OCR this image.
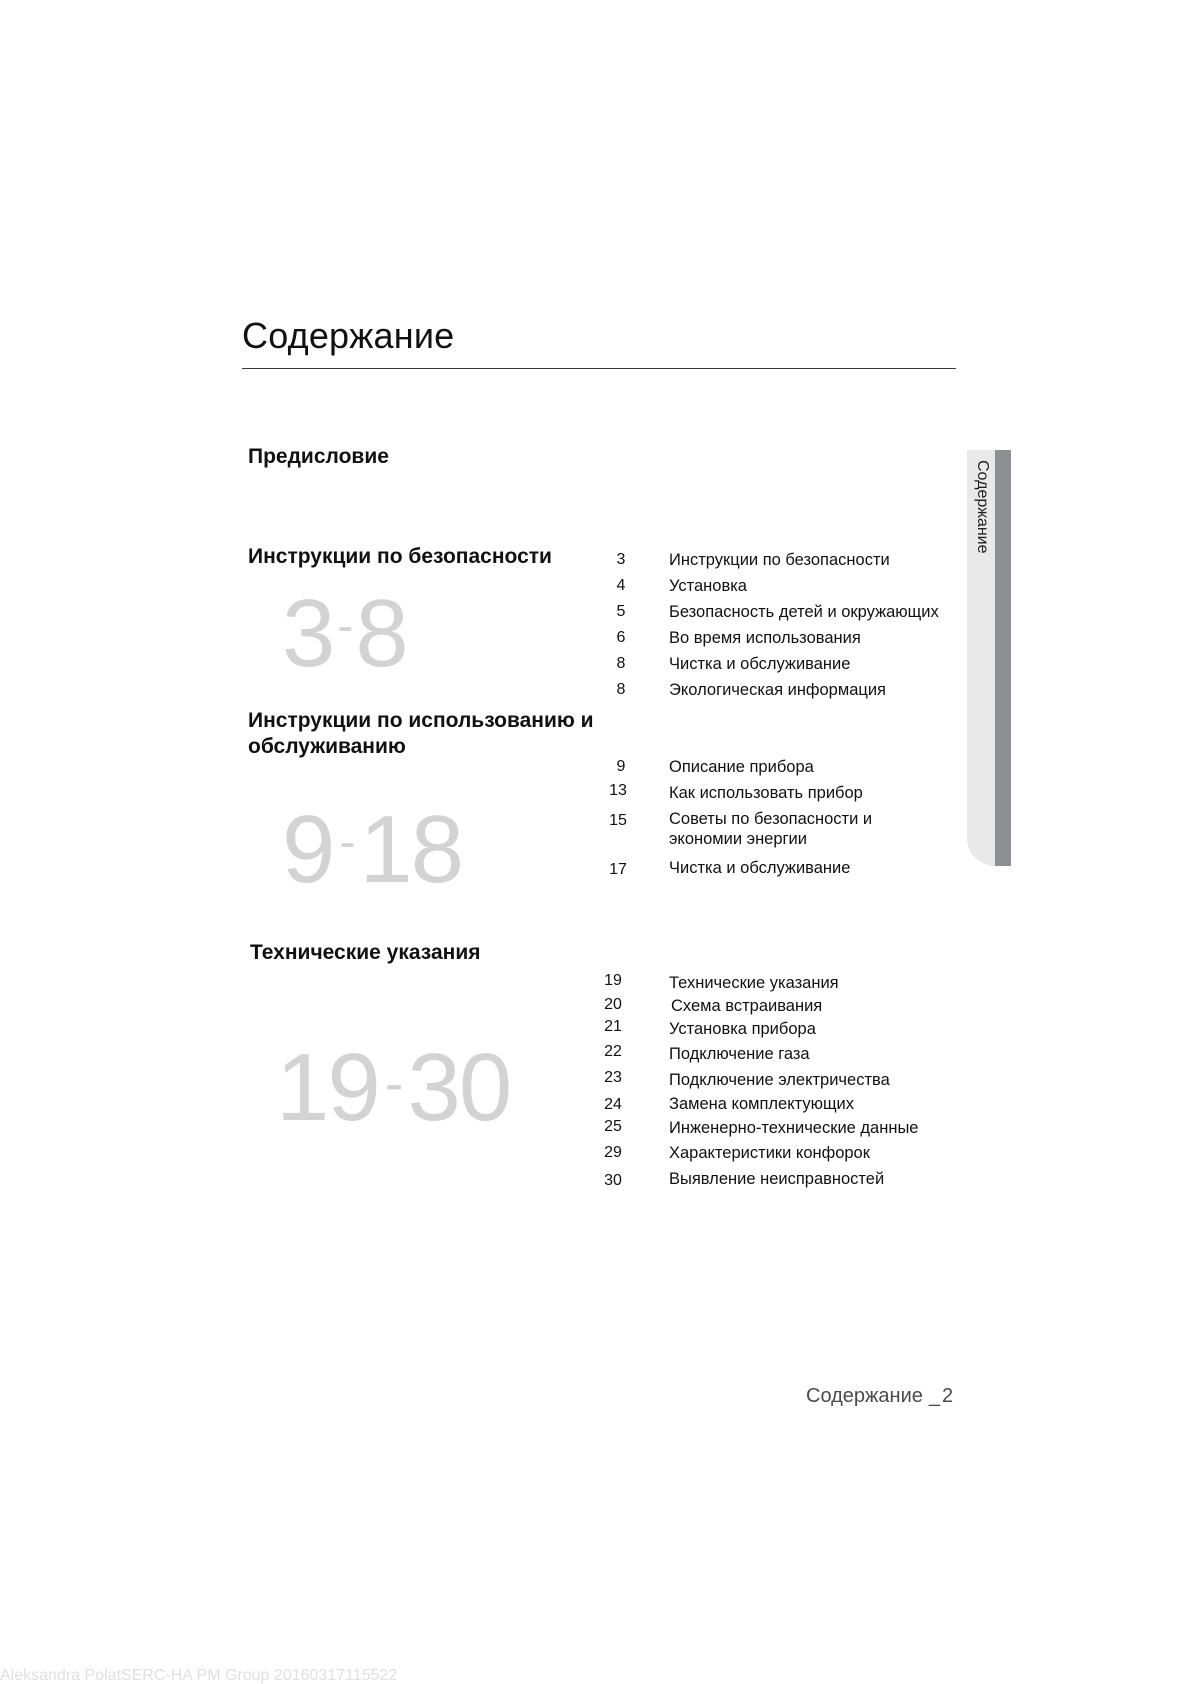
Содержание
Содержание
Предисловие
Инструкции по безопасности
3-8
3	Инструкции по безопасности
4	Установка
5	Безопасность детей и окружающих
6	Во время использования
8	Чистка и обслуживание
8	Экологическая информация
Инструкции по использованию и
обслуживанию
9 -18
9	Описание прибора
13	Как использовать прибор
15	Советы по безопасности и
экономии энергии
17	Чистка и обслуживание
Технические указания
19 -30
19	Технические указания
20	Схема встраивания
21	Установка прибора
22	Подключение газа
23	Подключение электричества
24	Замена комплектующих
25	Инженерно-технические данные
29	Характеристики конфорок
30	Выявление неисправностей
Содержание _ 2
Aleksandra PolatSERC-HA PM Group 20160317115522
